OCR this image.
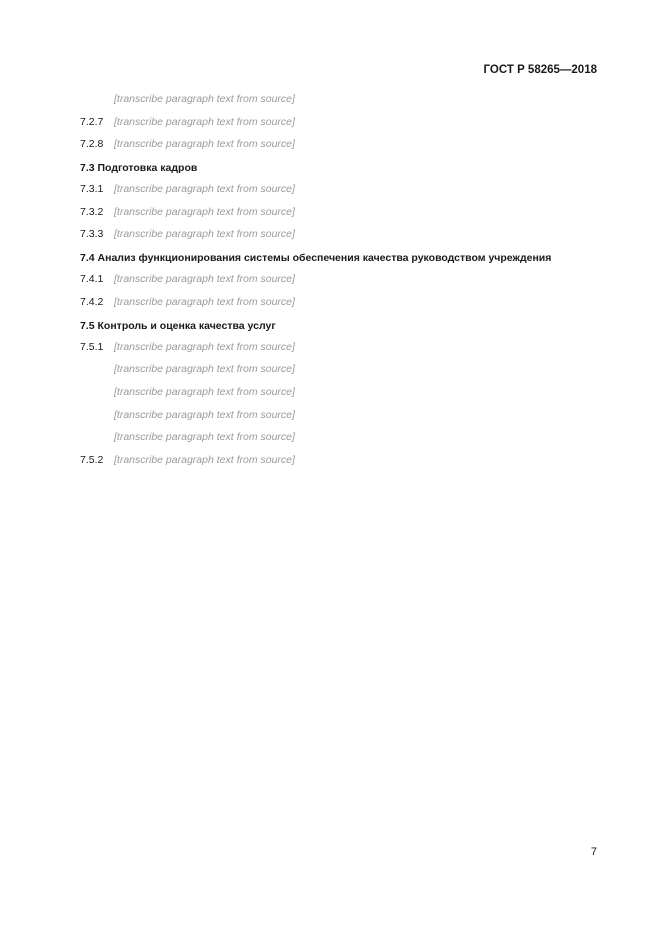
ГОСТ Р 58265—2018

[transcribe paragraph text from source]

7.2.7 [transcribe paragraph text from source]

7.2.8 [transcribe paragraph text from source]

7.3 Подготовка кадров

7.3.1 [transcribe paragraph text from source]

7.3.2 [transcribe paragraph text from source]

7.3.3 [transcribe paragraph text from source]

7.4 Анализ функционирования системы обеспечения качества руководством учреждения

7.4.1 [transcribe paragraph text from source]

7.4.2 [transcribe paragraph text from source]

7.5 Контроль и оценка качества услуг

7.5.1 [transcribe paragraph text from source]

[transcribe paragraph text from source]

[transcribe paragraph text from source]

[transcribe paragraph text from source]

[transcribe paragraph text from source]

7.5.2 [transcribe paragraph text from source]

7
